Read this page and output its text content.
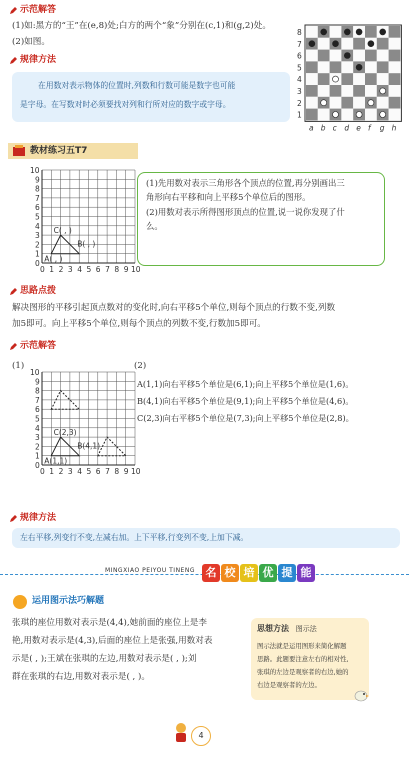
示范解答
(1)如:黑方的“王”在(e,8)处;白方的两个“象”分别在(c,1)和(g,2)处。
(2)如图。
规律方法
在用数对表示物体的位置时,列数和行数可能是数字也可能
是字母。在写数对时必须要找对列和行所对应的数字或字母。
8
7
6
5
4
3
2
1
a b c d e f g h
教材练习五T7
10
9
8
7
6
5
4
3
2
1
0
0 1 2 3 4 5 6 7 8 9 10
C( , )
B( , )
A( , )
(1)先用数对表示三角形各个顶点的位置,再分别画出三
角形向右平移和向上平移5个单位后的图形。
(2)用数对表示所得图形顶点的位置,说一说你发现了什
么。
思路点拨
解决图形的平移引起顶点数对的变化时,向右平移5个单位,则每个顶点的行数不变,列数
加5即可。向上平移5个单位,则每个顶点的列数不变,行数加5即可。
示范解答
(1)	(2)
10
9
8
7
6
5
4
3
2
1
0
0 1 2 3 4 5 6 7 8 9 10
C(2,3)
B(4,1)
A(1,1)
A(1,1)向右平移5个单位是(6,1);向上平移5个单位是(1,6)。
B(4,1)向右平移5个单位是(9,1);向上平移5个单位是(4,6)。
C(2,3)向右平移5个单位是(7,3);向上平移5个单位是(2,8)。
规律方法
左右平移,列变行不变,左减右加。上下平移,行变列不变,上加下减。
MINGXIAO PEIYOU TINENG 名 校 培 优 提 能
运用图示法巧解题
张琪的座位用数对表示是(4,4),她前面的座位上是李
艳,用数对表示是(4,3),后面的座位上是张强,用数对表
示是( , );王斌在张琪的左边,用数对表示是( , );刘
群在张琪的右边,用数对表示是( , )。
思想方法 图示法
图示法就是运用图形来简化解题
思路。此题要注意左右的相对性,
张琪的左边是观察者的右边,她的
右边是观察者的左边。
4
